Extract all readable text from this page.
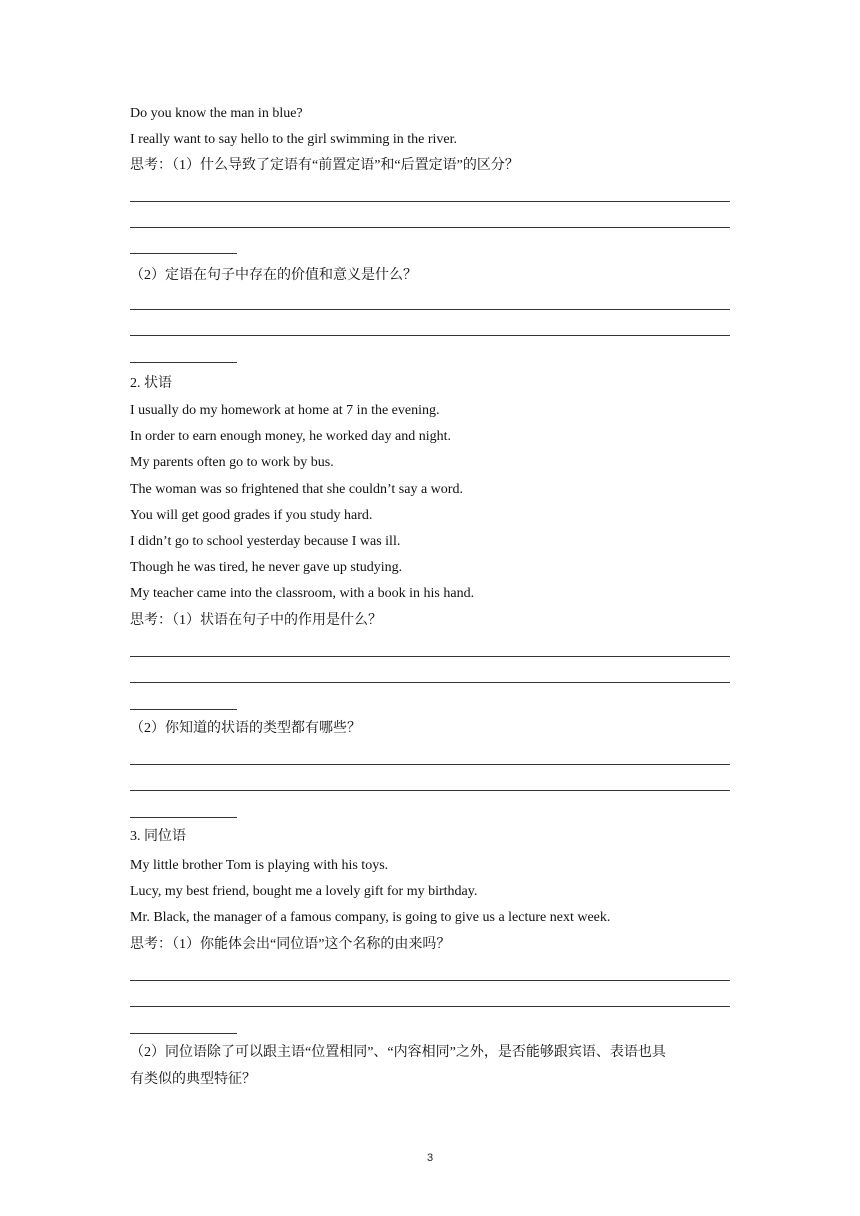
Do you know the man in blue?
I really want to say hello to the girl swimming in the river.
思考：（1）什么导致了定语有“前置定语”和“后置定语”的区分？
（2）定语在句子中存在的价值和意义是什么？
2. 状语
I usually do my homework at home at 7 in the evening.
In order to earn enough money, he worked day and night.
My parents often go to work by bus.
The woman was so frightened that she couldn’t say a word.
You will get good grades if you study hard.
I didn’t go to school yesterday because I was ill.
Though he was tired, he never gave up studying.
My teacher came into the classroom, with a book in his hand.
思考：（1）状语在句子中的作用是什么？
（2）你知道的状语的类型都有哪些？
3. 同位语
My little brother Tom is playing with his toys.
Lucy, my best friend, bought me a lovely gift for my birthday.
Mr. Black, the manager of a famous company, is going to give us a lecture next week.
思考：（1）你能体会出“同位语”这个名称的由来吗？
（2）同位语除了可以跟主语“位置相同”、“内容相同”之外，是否能够跟宾语、表语也具
有类似的典型特征？
3
